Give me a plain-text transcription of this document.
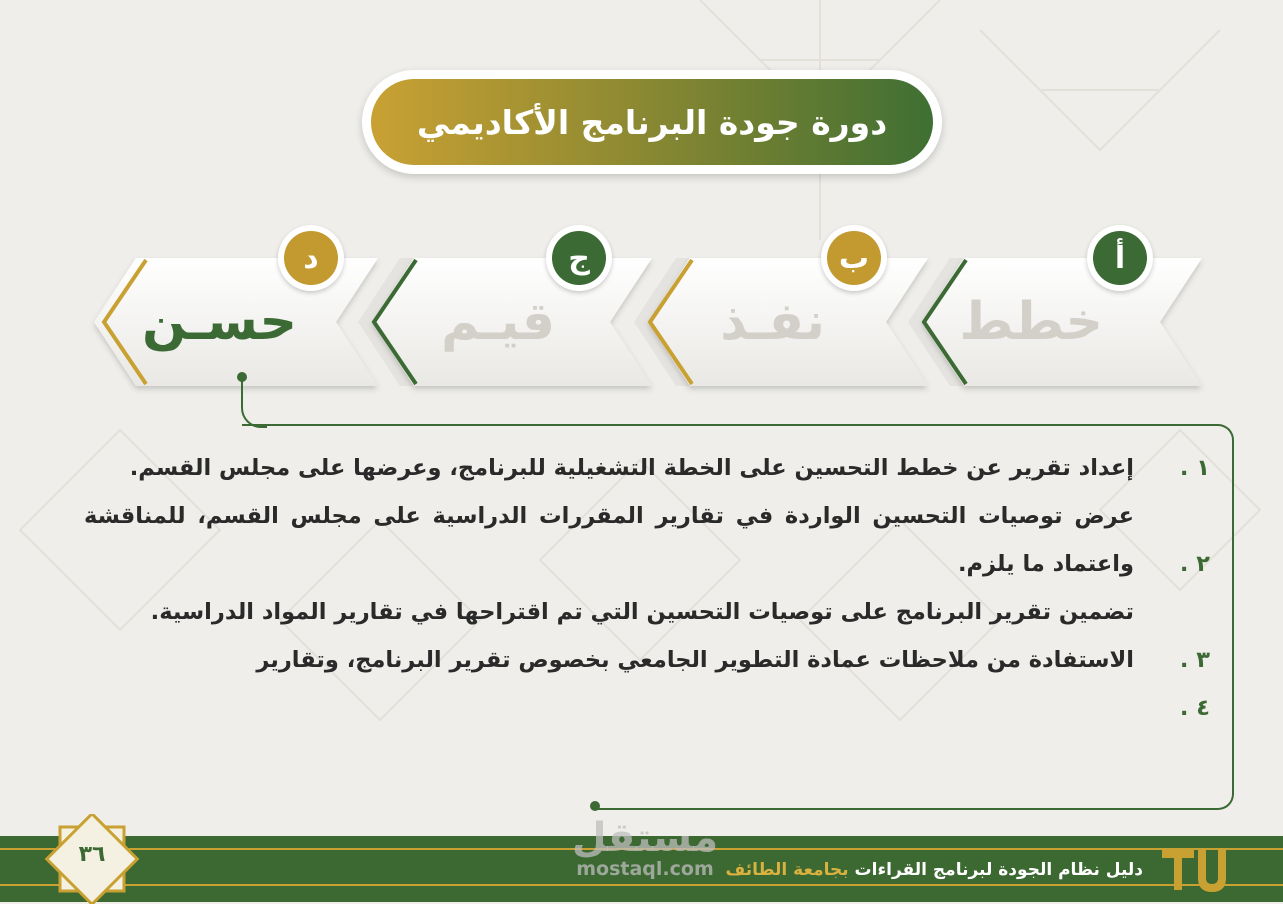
دورة جودة البرنامج الأكاديمي
أ
ب
ج
د
خطط
نفـذ
قيـم
حسـن
١ .
٢ .
٣ .
٤ .

إعداد تقرير عن خطط التحسين على الخطة التشغيلية للبرنامج، وعرضها على مجلس القسم.

عرض توصيات التحسين الواردة في تقارير المقررات الدراسية على مجلس القسم، للمناقشة واعتماد ما يلزم.

تضمين تقرير البرنامج على توصيات التحسين التي تم اقتراحها في تقارير المواد الدراسية.

الاستفادة من ملاحظات عمادة التطوير الجامعي بخصوص تقرير البرنامج، وتقارير

دليل نظام الجودة لبرنامج القراءات بجامعة الطائف
٣٦	مستقل
mostaql.com
